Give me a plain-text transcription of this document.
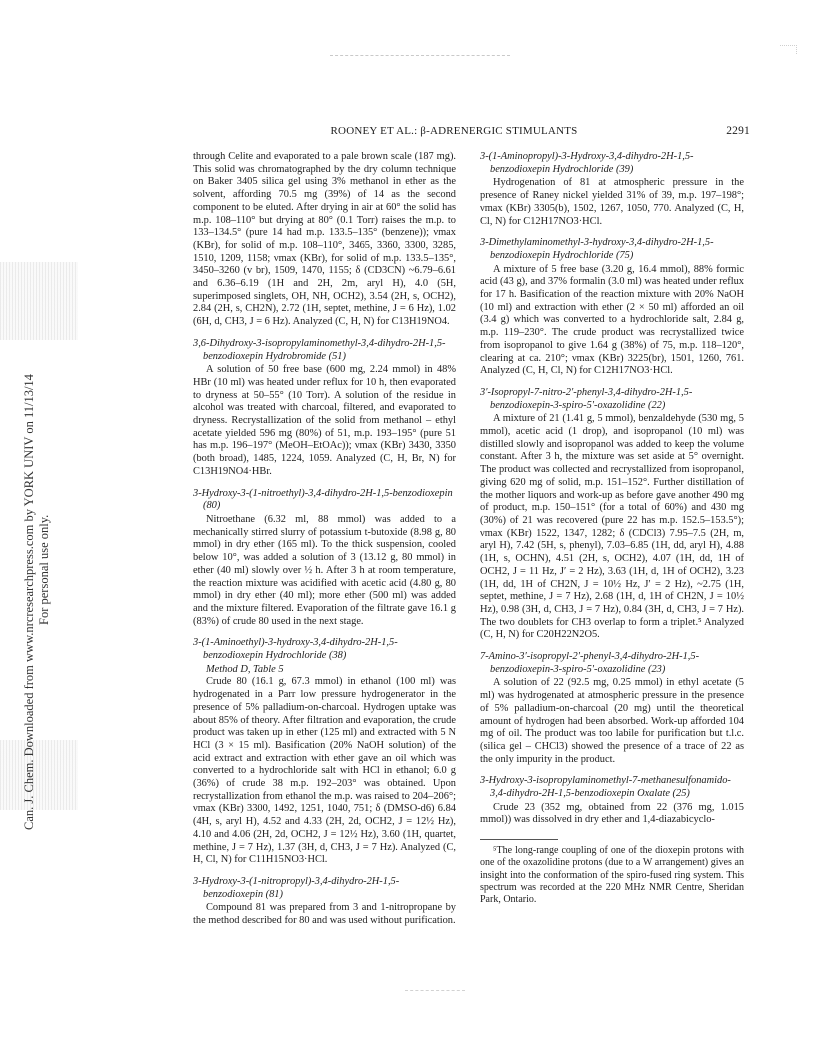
Can. J. Chem. Downloaded from www.nrcresearchpress.com by YORK UNIV on 11/13/14 For personal use only.
ROONEY ET AL.: β-ADRENERGIC STIMULANTS	2291

through Celite and evaporated to a pale brown scale (187 mg). This solid was chromatographed by the dry column technique on Baker 3405 silica gel using 3% methanol in ether as the solvent, affording 70.5 mg (39%) of 14 as the second component to be eluted. After drying in air at 60° the solid has m.p. 108–110° but drying at 80° (0.1 Torr) raises the m.p. to 133–134.5° (pure 14 had m.p. 133.5–135° (benzene)); νmax (KBr), for solid of m.p. 108–110°, 3465, 3360, 3300, 3285, 1510, 1209, 1158; νmax (KBr), for solid of m.p. 133.5–135°, 3450–3260 (v br), 1509, 1470, 1155; δ (CD3CN) ~6.79–6.61 and 6.36–6.19 (1H and 2H, 2m, aryl H), 4.0 (5H, superimposed singlets, OH, NH, OCH2), 3.54 (2H, s, OCH2), 2.84 (2H, s, CH2N), 2.72 (1H, septet, methine, J = 6 Hz), 1.02 (6H, d, CH3, J = 6 Hz). Analyzed (C, H, N) for C13H19NO4.

3,6-Dihydroxy-3-isopropylaminomethyl-3,4-dihydro-2H-1,5-benzodioxepin Hydrobromide (51)

A solution of 50 free base (600 mg, 2.24 mmol) in 48% HBr (10 ml) was heated under reflux for 10 h, then evaporated to dryness at 50–55° (10 Torr). A solution of the residue in alcohol was treated with charcoal, filtered, and evaporated to dryness. Recrystallization of the solid from methanol – ethyl acetate yielded 596 mg (80%) of 51, m.p. 193–195° (pure 51 has m.p. 196–197° (MeOH–EtOAc)); νmax (KBr) 3430, 3350 (both broad), 1485, 1224, 1059. Analyzed (C, H, Br, N) for C13H19NO4·HBr.

3-Hydroxy-3-(1-nitroethyl)-3,4-dihydro-2H-1,5-benzodioxepin (80)

Nitroethane (6.32 ml, 88 mmol) was added to a mechanically stirred slurry of potassium t-butoxide (8.98 g, 80 mmol) in dry ether (165 ml). To the thick suspension, cooled below 10°, was added a solution of 3 (13.12 g, 80 mmol) in ether (40 ml) slowly over ½ h. After 3 h at room temperature, the reaction mixture was acidified with acetic acid (4.80 g, 80 mmol) in dry ether (40 ml); more ether (500 ml) was added and the mixture filtered. Evaporation of the filtrate gave 16.1 g (83%) of crude 80 used in the next stage.

3-(1-Aminoethyl)-3-hydroxy-3,4-dihydro-2H-1,5-benzodioxepin Hydrochloride (38)

Method D, Table 5

Crude 80 (16.1 g, 67.3 mmol) in ethanol (100 ml) was hydrogenated in a Parr low pressure hydrogenerator in the presence of 5% palladium-on-charcoal. Hydrogen uptake was about 85% of theory. After filtration and evaporation, the crude product was taken up in ether (125 ml) and extracted with 5 N HCl (3 × 15 ml). Basification (20% NaOH solution) of the acid extract and extraction with ether gave an oil which was converted to a hydrochloride salt with HCl in ethanol; 6.0 g (36%) of crude 38 m.p. 192–203° was obtained. Upon recrystallization from ethanol the m.p. was raised to 204–206°; νmax (KBr) 3300, 1492, 1251, 1040, 751; δ (DMSO-d6) 6.84 (4H, s, aryl H), 4.52 and 4.33 (2H, 2d, OCH2, J = 12½ Hz), 4.10 and 4.06 (2H, 2d, OCH2, J = 12½ Hz), 3.60 (1H, quartet, methine, J = 7 Hz), 1.37 (3H, d, CH3, J = 7 Hz). Analyzed (C, H, Cl, N) for C11H15NO3·HCl.

3-Hydroxy-3-(1-nitropropyl)-3,4-dihydro-2H-1,5-benzodioxepin (81)

Compound 81 was prepared from 3 and 1-nitropropane by the method described for 80 and was used without purification.

3-(1-Aminopropyl)-3-Hydroxy-3,4-dihydro-2H-1,5-benzodioxepin Hydrochloride (39)

Hydrogenation of 81 at atmospheric pressure in the presence of Raney nickel yielded 31% of 39, m.p. 197–198°; νmax (KBr) 3305(b), 1502, 1267, 1050, 770. Analyzed (C, H, Cl, N) for C12H17NO3·HCl.

3-Dimethylaminomethyl-3-hydroxy-3,4-dihydro-2H-1,5-benzodioxepin Hydrochloride (75)

A mixture of 5 free base (3.20 g, 16.4 mmol), 88% formic acid (43 g), and 37% formalin (3.0 ml) was heated under reflux for 17 h. Basification of the reaction mixture with 20% NaOH (10 ml) and extraction with ether (2 × 50 ml) afforded an oil (3.4 g) which was converted to a hydrochloride salt, 2.84 g, m.p. 119–230°. The crude product was recrystallized twice from isopropanol to give 1.64 g (38%) of 75, m.p. 118–120°, clearing at ca. 210°; νmax (KBr) 3225(br), 1501, 1260, 761. Analyzed (C, H, Cl, N) for C12H17NO3·HCl.

3′-Isopropyl-7-nitro-2′-phenyl-3,4-dihydro-2H-1,5-benzodioxepin-3-spiro-5′-oxazolidine (22)

A mixture of 21 (1.41 g, 5 mmol), benzaldehyde (530 mg, 5 mmol), acetic acid (1 drop), and isopropanol (10 ml) was distilled slowly and isopropanol was added to keep the volume constant. After 3 h, the mixture was set aside at 5° overnight. The product was collected and recrystallized from isopropanol, giving 620 mg of solid, m.p. 151–152°. Further distillation of the mother liquors and work-up as before gave another 490 mg of product, m.p. 150–151° (for a total of 60%) and 430 mg (30%) of 21 was recovered (pure 22 has m.p. 152.5–153.5°); νmax (KBr) 1522, 1347, 1282; δ (CDCl3) 7.95–7.5 (2H, m, aryl H), 7.42 (5H, s, phenyl), 7.03–6.85 (1H, dd, aryl H), 4.88 (1H, s, OCHN), 4.51 (2H, s, OCH2), 4.07 (1H, dd, 1H of OCH2, J = 11 Hz, J′ = 2 Hz), 3.63 (1H, d, 1H of OCH2), 3.23 (1H, dd, 1H of CH2N, J = 10½ Hz, J′ = 2 Hz), ~2.75 (1H, septet, methine, J = 7 Hz), 2.68 (1H, d, 1H of CH2N, J = 10½ Hz), 0.98 (3H, d, CH3, J = 7 Hz), 0.84 (3H, d, CH3, J = 7 Hz). The two doublets for CH3 overlap to form a triplet.⁵ Analyzed (C, H, N) for C20H22N2O5.

7-Amino-3′-isopropyl-2′-phenyl-3,4-dihydro-2H-1,5-benzodioxepin-3-spiro-5′-oxazolidine (23)

A solution of 22 (92.5 mg, 0.25 mmol) in ethyl acetate (5 ml) was hydrogenated at atmospheric pressure in the presence of 5% palladium-on-charcoal (20 mg) until the theoretical amount of hydrogen had been absorbed. Work-up afforded 104 mg of oil. The product was too labile for purification but t.l.c. (silica gel – CHCl3) showed the presence of a trace of 22 as the only impurity in the product.

3-Hydroxy-3-isopropylaminomethyl-7-methanesulfonamido-3,4-dihydro-2H-1,5-benzodioxepin Oxalate (25)

Crude 23 (352 mg, obtained from 22 (376 mg, 1.015 mmol)) was dissolved in dry ether and 1,4-diazabicyclo-

⁵The long-range coupling of one of the dioxepin protons with one of the oxazolidine protons (due to a W arrangement) gives an insight into the conformation of the spiro-fused ring system. This spectrum was recorded at the 220 MHz NMR Centre, Sheridan Park, Ontario.
